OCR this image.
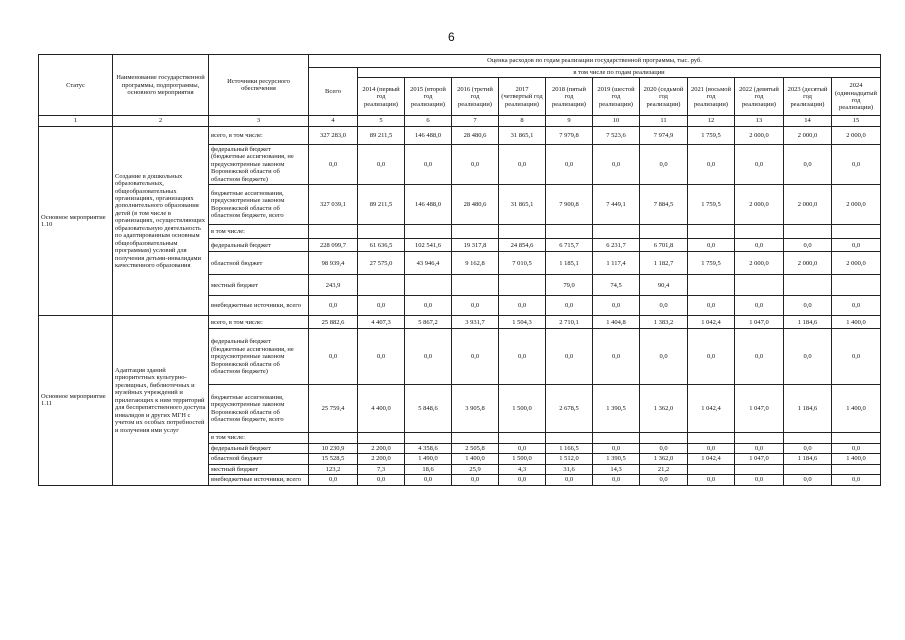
6
Статус	Наименование государственной программы, подпрограммы, основного мероприятия	Источники ресурсного обеспечения	Оценка расходов по годам реализации государственной программы, тыс. руб.											
			Всего	в том числе по годам реализации										
				2014 (первый год реализации)	2015 (второй год реализации)	2016 (третий год реализации)	2017 (четвертый год реализации)	2018 (пятый год реализации)	2019 (шестой год реализации)	2020 (седьмой год реализации)	2021 (восьмой год реализации)	2022 (девятый год реализации)	2023 (десятый год реализации)	2024 (одиннадцатый год реализации)
1	2	3	4	5	6	7	8	9	10	11	12	13	14	15
Основное мероприятие 1.10	Создание в дошкольных образовательных, общеобразовательных организациях, организациях дополнительного образования детей (в том числе в организациях, осуществляющих образовательную деятельность по адаптированным основным общеобразовательным программам) условий для получения детьми-инвалидами качественного образования	всего, в том числе:	327 283,0	89 211,5	146 488,0	28 480,6	31 865,1	7 979,8	7 523,6	7 974,9	1 759,5	2 000,0	2 000,0	2 000,0
		федеральный бюджет (бюджетные ассигнования, не предусмотренные законом Воронежской области об областном бюджете)	0,0	0,0	0,0	0,0	0,0	0,0	0,0	0,0	0,0	0,0	0,0	0,0
		бюджетные ассигнования, предусмотренные законом Воронежской области об областном бюджете, всего	327 039,1	89 211,5	146 488,0	28 480,6	31 865,1	7 900,8	7 449,1	7 884,5	1 759,5	2 000,0	2 000,0	2 000,0
		в том числе:												
		федеральный бюджет	228 099,7	61 636,5	102 541,6	19 317,8	24 854,6	6 715,7	6 231,7	6 701,8	0,0	0,0	0,0	0,0
		областной бюджет	98 939,4	27 575,0	43 946,4	9 162,8	7 010,5	1 185,1	1 117,4	1 182,7	1 759,5	2 000,0	2 000,0	2 000,0
		местный бюджет	243,9					79,0	74,5	90,4				
		внебюджетные источники, всего	0,0	0,0	0,0	0,0	0,0	0,0	0,0	0,0	0,0	0,0	0,0	0,0
Основное мероприятие 1.11	Адаптация зданий приоритетных культурно-зрелищных, библиотечных и музейных учреждений и прилегающих к ним территорий для беспрепятственного доступа инвалидов и других МГН с учетом их особых потребностей и получения ими услуг	всего, в том числе:	25 882,6	4 407,3	5 867,2	3 931,7	1 504,3	2 710,1	1 404,8	1 383,2	1 042,4	1 047,0	1 184,6	1 400,0
		федеральный бюджет (бюджетные ассигнования, не предусмотренные законом Воронежской области об областном бюджете)	0,0	0,0	0,0	0,0	0,0	0,0	0,0	0,0	0,0	0,0	0,0	0,0
		бюджетные ассигнования, предусмотренные законом Воронежской области об областном бюджете, всего	25 759,4	4 400,0	5 848,6	3 905,8	1 500,0	2 678,5	1 390,5	1 362,0	1 042,4	1 047,0	1 184,6	1 400,0
		в том числе:												
		федеральный бюджет	10 230,9	2 200,0	4 358,6	2 505,8	0,0	1 166,5	0,0	0,0	0,0	0,0	0,0	0,0
		областной бюджет	15 528,5	2 200,0	1 490,0	1 400,0	1 500,0	1 512,0	1 390,5	1 362,0	1 042,4	1 047,0	1 184,6	1 400,0
		местный бюджет	123,2	7,3	18,6	25,9	4,3	31,6	14,3	21,2				
		внебюджетные источники, всего	0,0	0,0	0,0	0,0	0,0	0,0	0,0	0,0	0,0	0,0	0,0	0,0
